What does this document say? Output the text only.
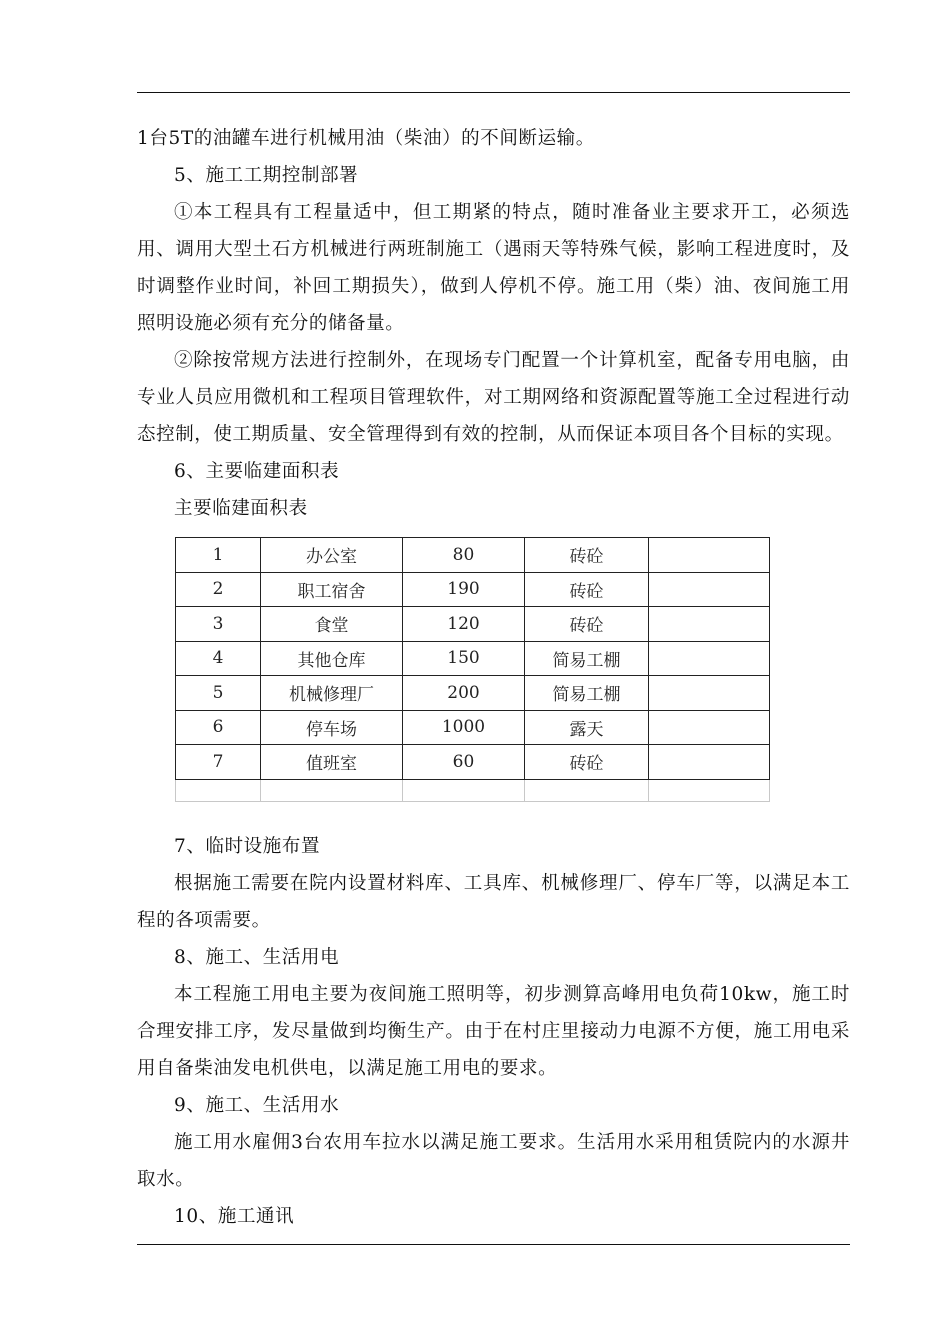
1台5T的油罐车进行机械用油（柴油）的不间断运输。

5、施工工期控制部署

①本工程具有工程量适中，但工期紧的特点，随时准备业主要求开工，必须选用、调用大型土石方机械进行两班制施工（遇雨天等特殊气候，影响工程进度时，及时调整作业时间，补回工期损失），做到人停机不停。施工用（柴）油、夜间施工用照明设施必须有充分的储备量。

②除按常规方法进行控制外，在现场专门配置一个计算机室，配备专用电脑，由专业人员应用微机和工程项目管理软件，对工期网络和资源配置等施工全过程进行动态控制，使工期质量、安全管理得到有效的控制，从而保证本项目各个目标的实现。

6、主要临建面积表

主要临建面积表

1	办公室	80	砖砼	
2	职工宿舍	190	砖砼	
3	食堂	120	砖砼	
4	其他仓库	150	简易工棚	
5	机械修理厂	200	简易工棚	
6	停车场	1000	露天	
7	值班室	60	砖砼	

7、临时设施布置

根据施工需要在院内设置材料库、工具库、机械修理厂、停车厂等，以满足本工程的各项需要。

8、施工、生活用电

本工程施工用电主要为夜间施工照明等，初步测算高峰用电负荷10kw，施工时合理安排工序，发尽量做到均衡生产。由于在村庄里接动力电源不方便，施工用电采用自备柴油发电机供电，以满足施工用电的要求。

9、施工、生活用水

施工用水雇佣3台农用车拉水以满足施工要求。生活用水采用租赁院内的水源井取水。

10、施工通讯
